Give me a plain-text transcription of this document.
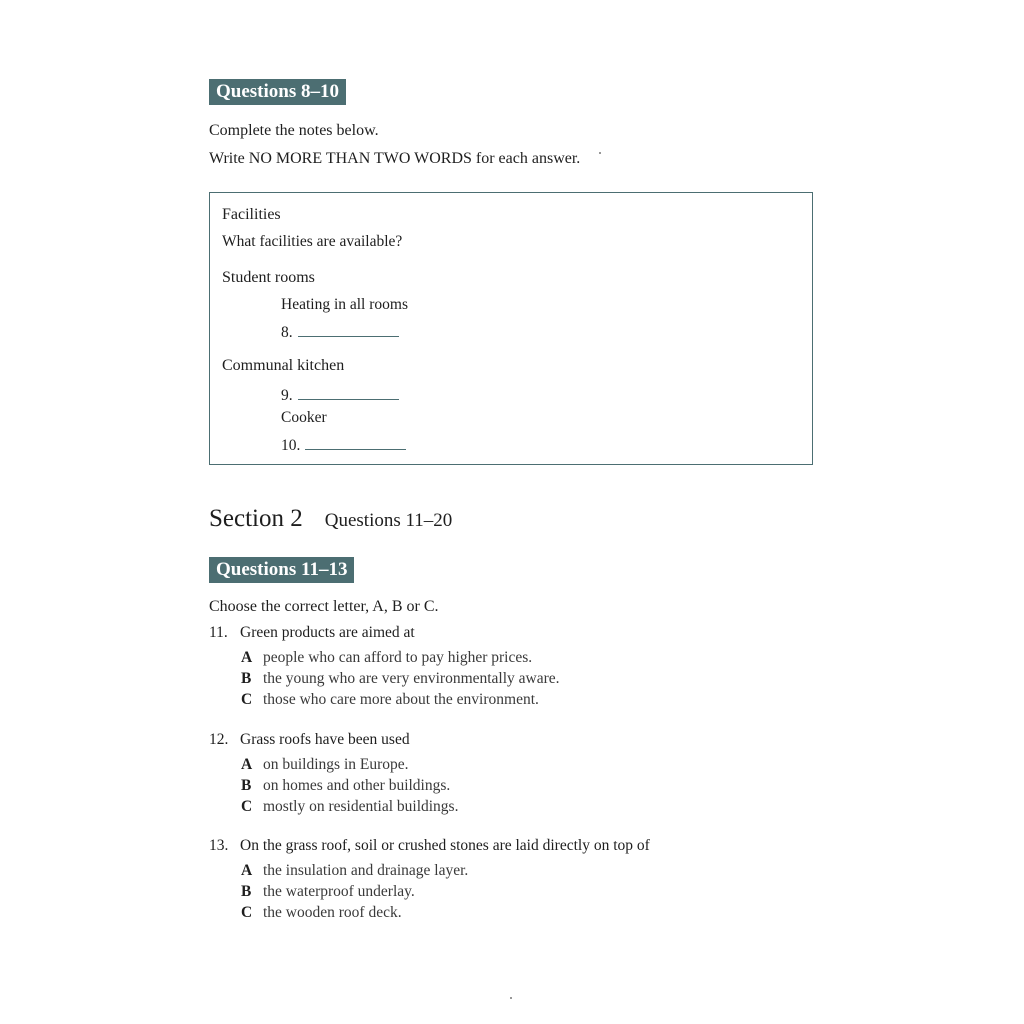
Questions 8–10
Complete the notes below.
Write NO MORE THAN TWO WORDS for each answer.
Facilities
What facilities are available?
Student rooms
Heating in all rooms
8.
Communal kitchen
9.
Cooker
10.
Section 2 Questions 11–20
Questions 11–13
Choose the correct letter, A, B or C.
11. Green products are aimed at
A people who can afford to pay higher prices.
B the young who are very environmentally aware.
C those who care more about the environment.
12. Grass roofs have been used
A on buildings in Europe.
B on homes and other buildings.
C mostly on residential buildings.
13. On the grass roof, soil or crushed stones are laid directly on top of
A the insulation and drainage layer.
B the waterproof underlay.
C the wooden roof deck.
